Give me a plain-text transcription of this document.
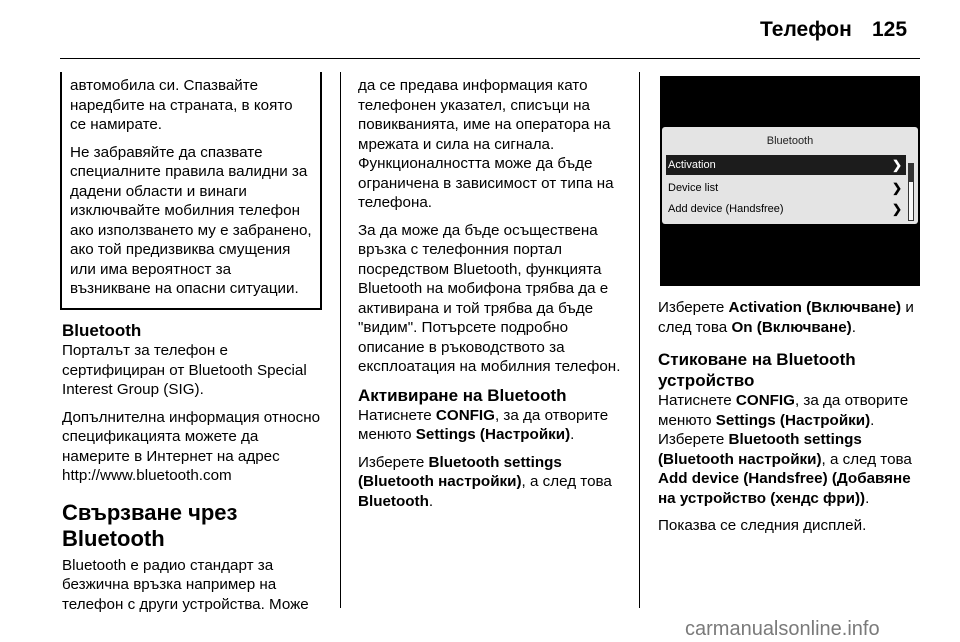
Телефон 125

автомобила си. Спазвайте наредбите на страната, в която се намирате.

Не забравяйте да спазвате специалните правила валидни за дадени области и винаги изключвайте мобилния телефон ако използването му е забранено, ако той предизвиква смущения или има вероятност за възникване на опасни ситуации.

Bluetooth

Порталът за телефон е сертифициран от Bluetooth Special Interest Group (SIG).

Допълнителна информация относно спецификацията можете да намерите в Интернет на адрес http://www.bluetooth.com

Свързване чрез Bluetooth

Bluetooth е радио стандарт за безжична връзка например на телефон с други устройства. Може

да се предава информация като телефонен указател, списъци на повикванията, име на оператора на мрежата и сила на сигнала. Функционалността може да бъде ограничена в зависимост от типа на телефона.

За да може да бъде осъществена връзка с телефонния портал посредством Bluetooth, функцията Bluetooth на мобифона трябва да е активирана и той трябва да бъде "видим". Потърсете подробно описание в ръководството за експлоатация на мобилния телефон.

Активиране на Bluetooth

Натиснете CONFIG, за да отворите менюто Settings (Настройки).

Изберете Bluetooth settings (Bluetooth настройки), а след това Bluetooth.

Bluetooth
Activation	❯
Device list	❯
Add device (Handsfree)	❯

Изберете Activation (Включване) и след това On (Включване).

Стиковане на Bluetooth устройство

Натиснете CONFIG, за да отворите менюто Settings (Настройки). Изберете Bluetooth settings (Bluetooth настройки), а след това Add device (Handsfree) (Добавяне на устройство (хендс фри)).

Показва се следния дисплей.

carmanualsonline.info
